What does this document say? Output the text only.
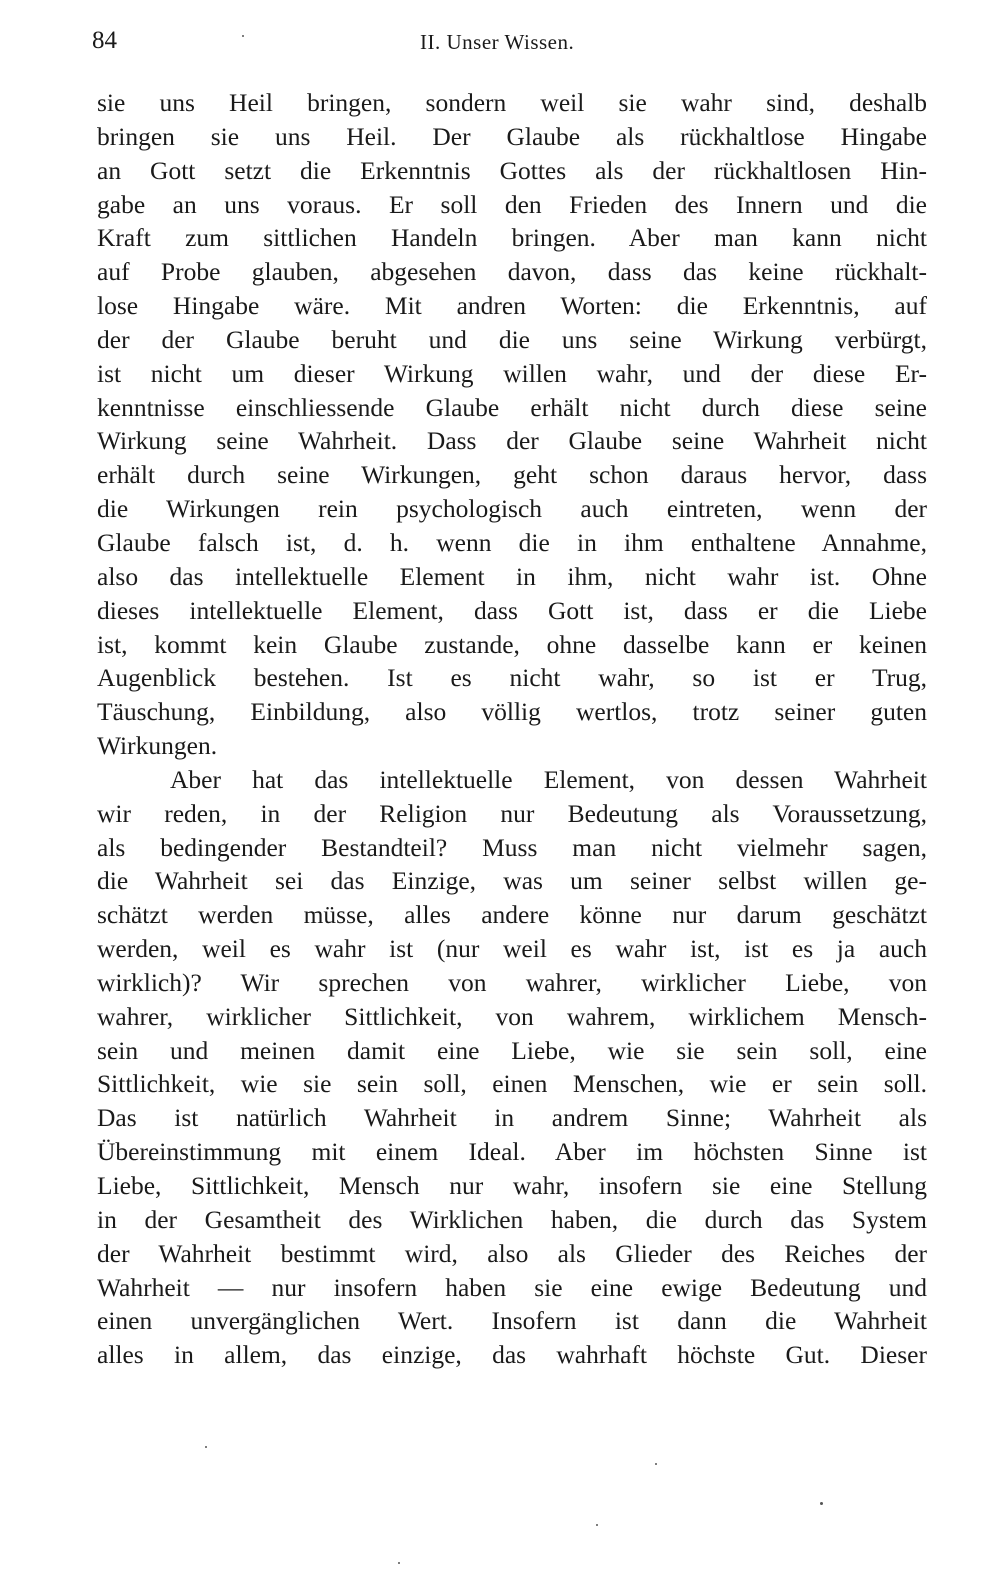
84	II. Unser Wissen.
sie uns Heil bringen, sondern weil sie wahr sind, deshalb
bringen sie uns Heil. Der Glaube als rückhaltlose Hingabe
an Gott setzt die Erkenntnis Gottes als der rückhaltlosen Hin-
gabe an uns voraus. Er soll den Frieden des Innern und die
Kraft zum sittlichen Handeln bringen. Aber man kann nicht
auf Probe glauben, abgesehen davon, dass das keine rückhalt-
lose Hingabe wäre. Mit andren Worten: die Erkenntnis, auf
der der Glaube beruht und die uns seine Wirkung verbürgt,
ist nicht um dieser Wirkung willen wahr, und der diese Er-
kenntnisse einschliessende Glaube erhält nicht durch diese seine
Wirkung seine Wahrheit. Dass der Glaube seine Wahrheit nicht
erhält durch seine Wirkungen, geht schon daraus hervor, dass
die Wirkungen rein psychologisch auch eintreten, wenn der
Glaube falsch ist, d. h. wenn die in ihm enthaltene Annahme,
also das intellektuelle Element in ihm, nicht wahr ist. Ohne
dieses intellektuelle Element, dass Gott ist, dass er die Liebe
ist, kommt kein Glaube zustande, ohne dasselbe kann er keinen
Augenblick bestehen. Ist es nicht wahr, so ist er Trug,
Täuschung, Einbildung, also völlig wertlos, trotz seiner guten
Wirkungen.
Aber hat das intellektuelle Element, von dessen Wahrheit
wir reden, in der Religion nur Bedeutung als Voraussetzung,
als bedingender Bestandteil? Muss man nicht vielmehr sagen,
die Wahrheit sei das Einzige, was um seiner selbst willen ge-
schätzt werden müsse, alles andere könne nur darum geschätzt
werden, weil es wahr ist (nur weil es wahr ist, ist es ja auch
wirklich)? Wir sprechen von wahrer, wirklicher Liebe, von
wahrer, wirklicher Sittlichkeit, von wahrem, wirklichem Mensch-
sein und meinen damit eine Liebe, wie sie sein soll, eine
Sittlichkeit, wie sie sein soll, einen Menschen, wie er sein soll.
Das ist natürlich Wahrheit in andrem Sinne; Wahrheit als
Übereinstimmung mit einem Ideal. Aber im höchsten Sinne ist
Liebe, Sittlichkeit, Mensch nur wahr, insofern sie eine Stellung
in der Gesamtheit des Wirklichen haben, die durch das System
der Wahrheit bestimmt wird, also als Glieder des Reiches der
Wahrheit — nur insofern haben sie eine ewige Bedeutung und
einen unvergänglichen Wert. Insofern ist dann die Wahrheit
alles in allem, das einzige, das wahrhaft höchste Gut. Dieser
